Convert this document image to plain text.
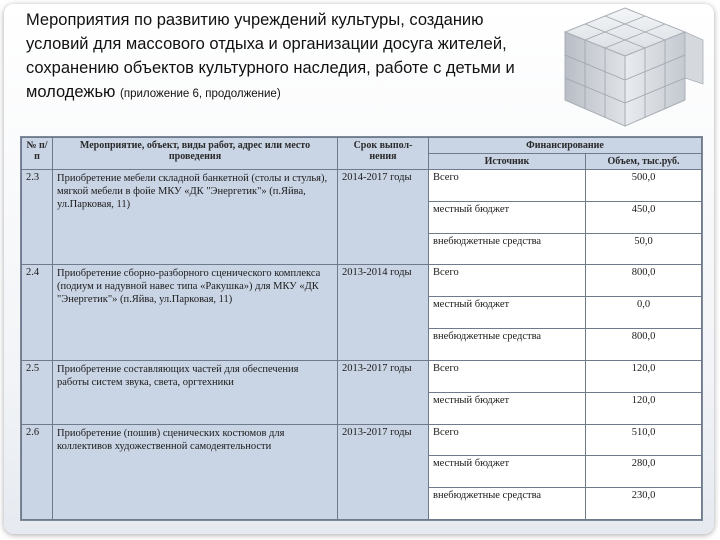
Мероприятия по развитию учреждений культуры, созданию условий для массового отдыха и организации досуга жителей, сохранению объектов культурного наследия, работе с детьми и молодежью (приложение 6, продолжение)
№ п/п	Мероприятие, объект, виды работ, адрес или место проведения	Срок выпол-нения	Финансирование	
			Источник	Объем, тыс.руб.
2.3	Приобретение мебели складной банкетной (столы и стулья), мягкой мебели в фойе МКУ «ДК "Энергетик"» (п.Яйва, ул.Парковая, 11)	2014-2017 годы	Всего	500,0
			местный бюджет	450,0
			внебюджетные средства	50,0
2.4	Приобретение сборно-разборного сценического комплекса (подиум и надувной навес типа «Ракушка») для МКУ «ДК "Энергетик"» (п.Яйва, ул.Парковая, 11)	2013-2014 годы	Всего	800,0
			местный бюджет	0,0
			внебюджетные средства	800,0
2.5	Приобретение составляющих частей для обеспечения работы систем звука, света, оргтехники	2013-2017 годы	Всего	120,0
			местный бюджет	120,0
2.6	Приобретение (пошив) сценических костюмов для коллективов художественной самодеятельности	2013-2017 годы	Всего	510,0
			местный бюджет	280,0
			внебюджетные средства	230,0
